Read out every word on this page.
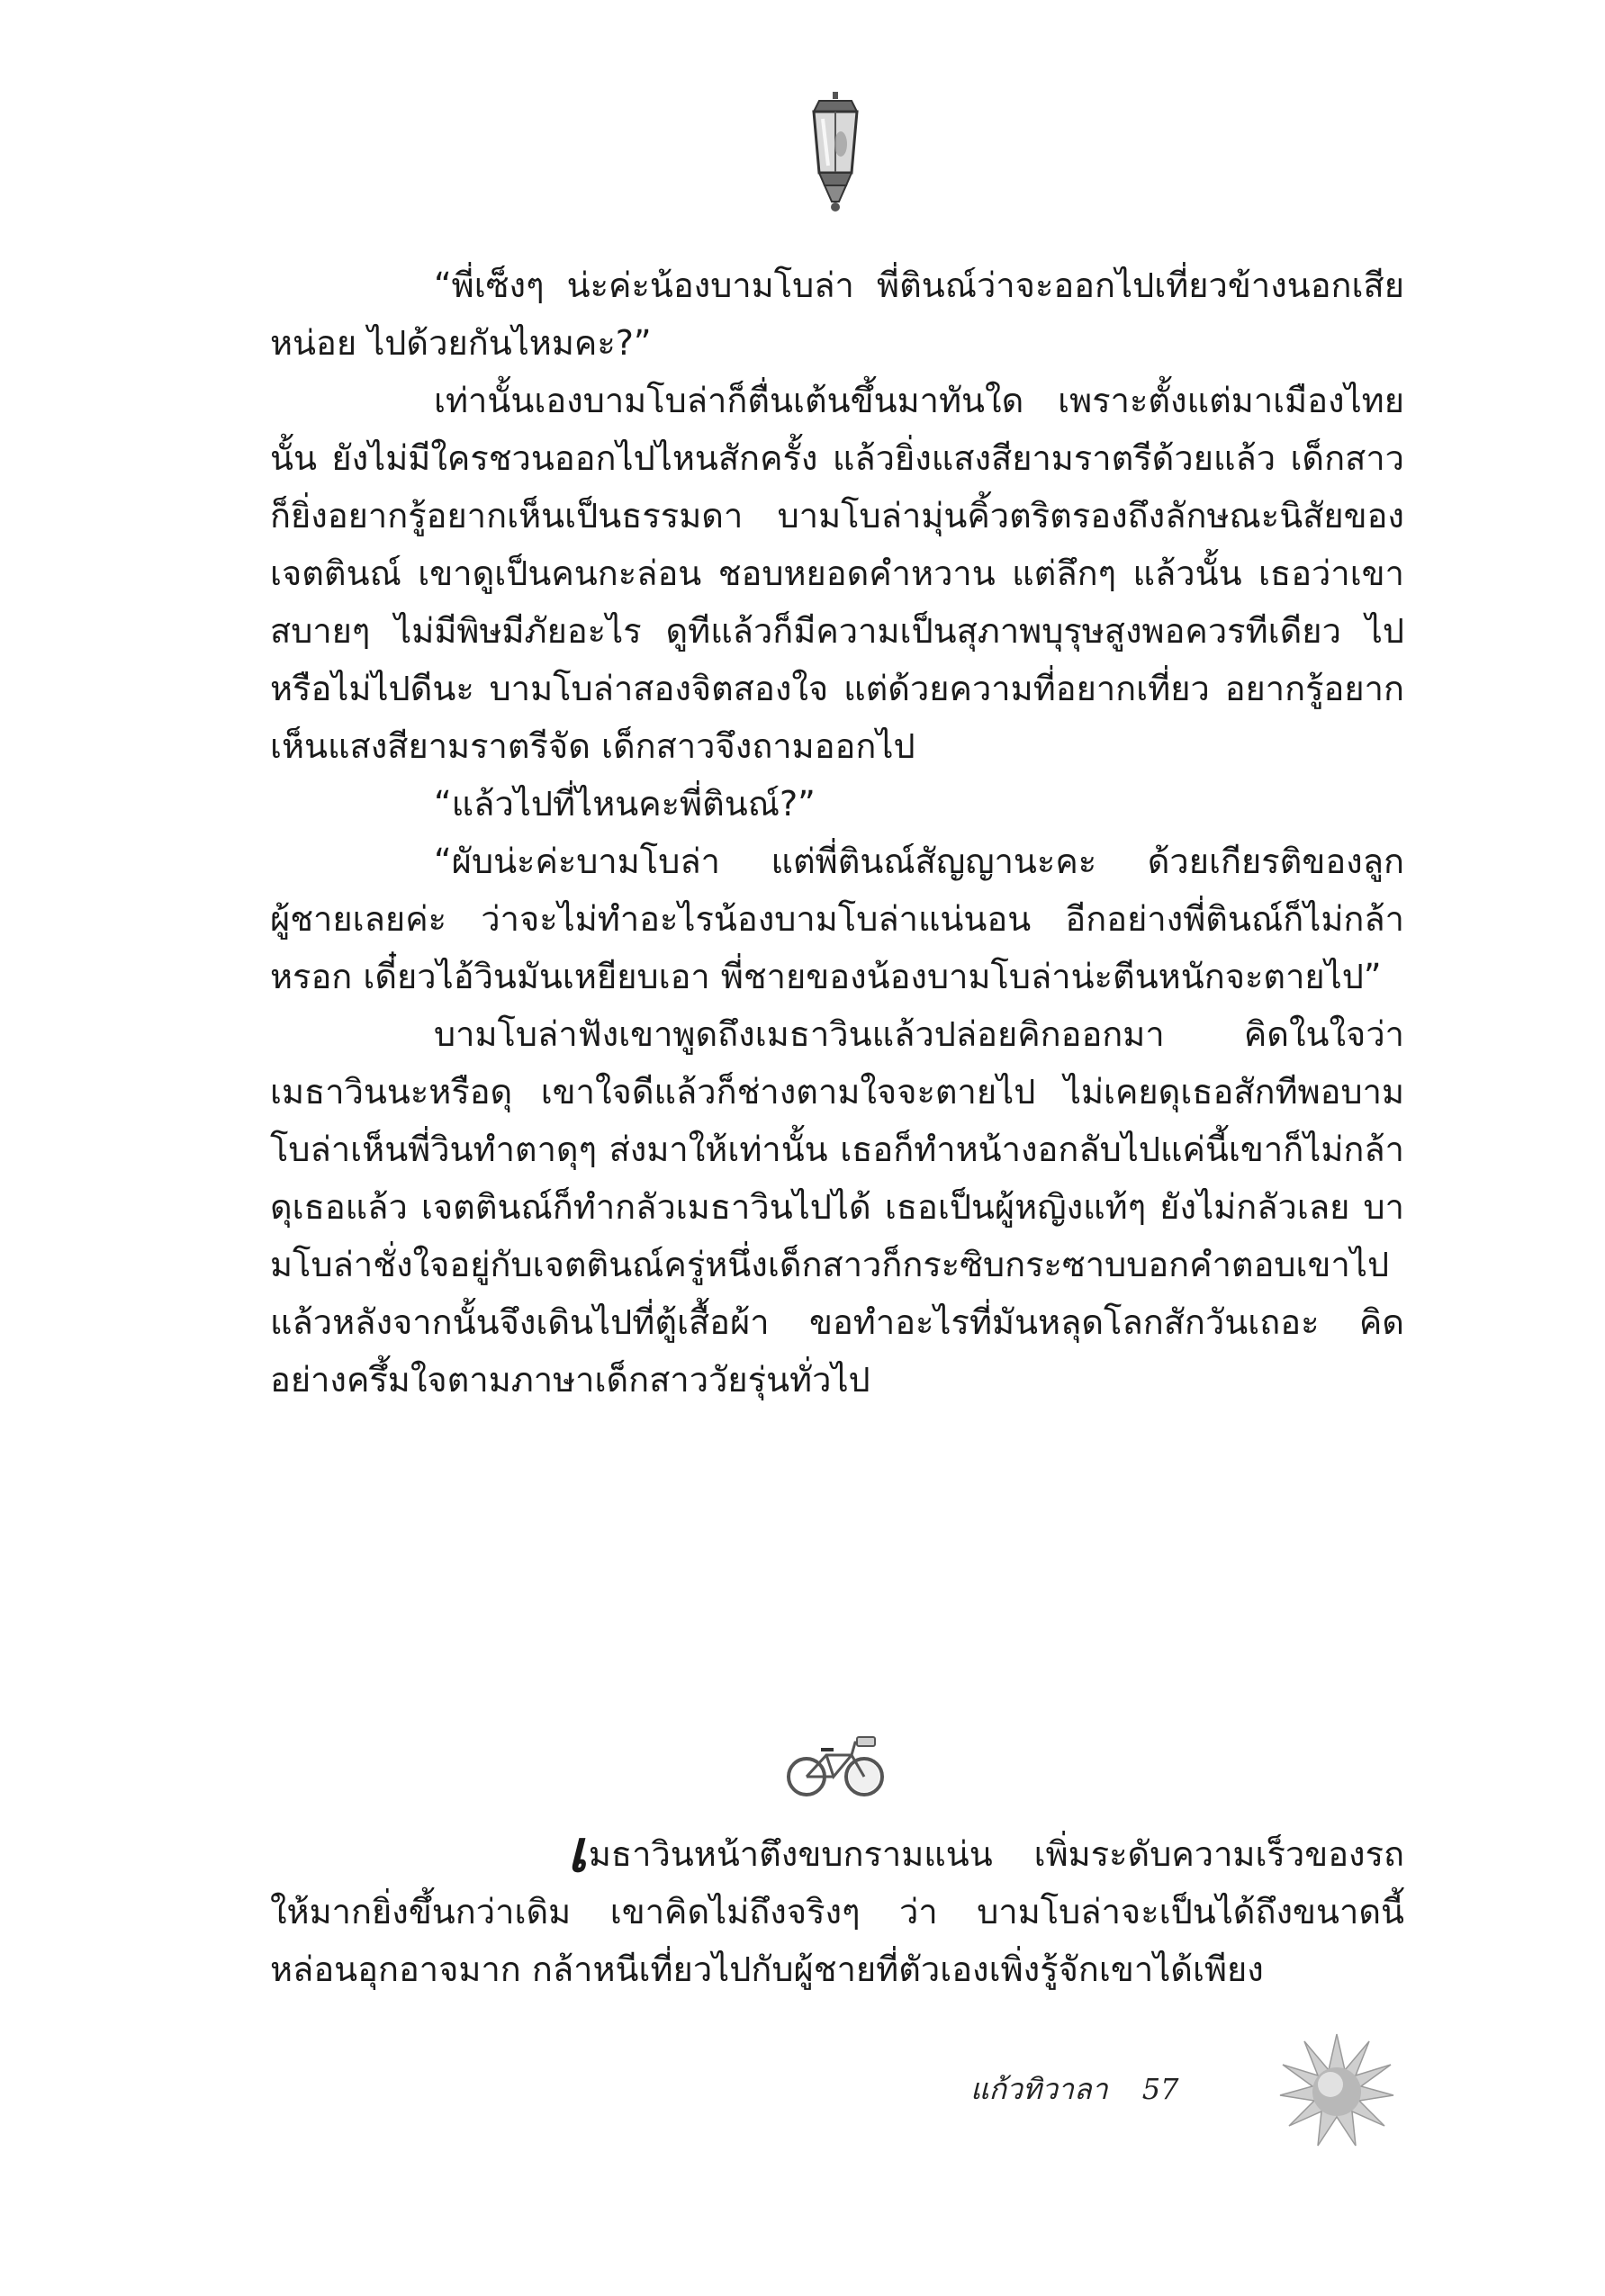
“พี่เซ็งๆ น่ะค่ะน้องบามโบล่า พี่ตินณ์ว่าจะออกไปเที่ยวข้างนอกเสียหน่อย ไปด้วยกันไหมคะ?”

เท่านั้นเองบามโบล่าก็ตื่นเต้นขึ้นมาทันใด เพราะตั้งแต่มาเมืองไทยนั้น ยังไม่มีใครชวนออกไปไหนสักครั้ง แล้วยิ่งแสงสียามราตรีด้วยแล้ว เด็กสาวก็ยิ่งอยากรู้อยากเห็นเป็นธรรมดา บามโบล่ามุ่นคิ้วตริตรองถึงลักษณะนิสัยของเจตตินณ์ เขาดูเป็นคนกะล่อน ชอบหยอดคำหวาน แต่ลึกๆ แล้วนั้น เธอว่าเขาสบายๆ ไม่มีพิษมีภัยอะไร ดูทีแล้วก็มีความเป็นสุภาพบุรุษสูงพอควรทีเดียว ไปหรือไม่ไปดีนะ บามโบล่าสองจิตสองใจ แต่ด้วยความที่อยากเที่ยว อยากรู้อยากเห็นแสงสียามราตรีจัด เด็กสาวจึงถามออกไป

“แล้วไปที่ไหนคะพี่ตินณ์?”

“ผับน่ะค่ะบามโบล่า แต่พี่ตินณ์สัญญานะคะ ด้วยเกียรติของลูกผู้ชายเลยค่ะ ว่าจะไม่ทำอะไรน้องบามโบล่าแน่นอน อีกอย่างพี่ตินณ์ก็ไม่กล้าหรอก เดี๋ยวไอ้วินมันเหยียบเอา พี่ชายของน้องบามโบล่าน่ะตีนหนักจะตายไป”

บามโบล่าฟังเขาพูดถึงเมธาวินแล้วปล่อยคิกออกมา คิดในใจว่าเมธาวินนะหรือดุ เขาใจดีแล้วก็ช่างตามใจจะตายไป ไม่เคยดุเธอสักทีพอบามโบล่าเห็นพี่วินทำตาดุๆ ส่งมาให้เท่านั้น เธอก็ทำหน้างอกลับไปแค่นี้เขาก็ไม่กล้าดุเธอแล้ว เจตตินณ์ก็ทำกลัวเมธาวินไปได้ เธอเป็นผู้หญิงแท้ๆ ยังไม่กลัวเลย บามโบล่าชั่งใจอยู่กับเจตตินณ์ครู่หนึ่งเด็กสาวก็กระซิบกระซาบบอกคำตอบเขาไป แล้วหลังจากนั้นจึงเดินไปที่ตู้เสื้อผ้า ขอทำอะไรที่มันหลุดโลกสักวันเถอะ คิดอย่างครึ้มใจตามภาษาเด็กสาววัยรุ่นทั่วไป

เมธาวินหน้าตึงขบกรามแน่น เพิ่มระดับความเร็วของรถให้มากยิ่งขึ้นกว่าเดิม เขาคิดไม่ถึงจริงๆ ว่า บามโบล่าจะเป็นได้ถึงขนาดนี้หล่อนอุกอาจมาก กล้าหนีเที่ยวไปกับผู้ชายที่ตัวเองเพิ่งรู้จักเขาได้เพียง

แก้วทิวาลา 57
